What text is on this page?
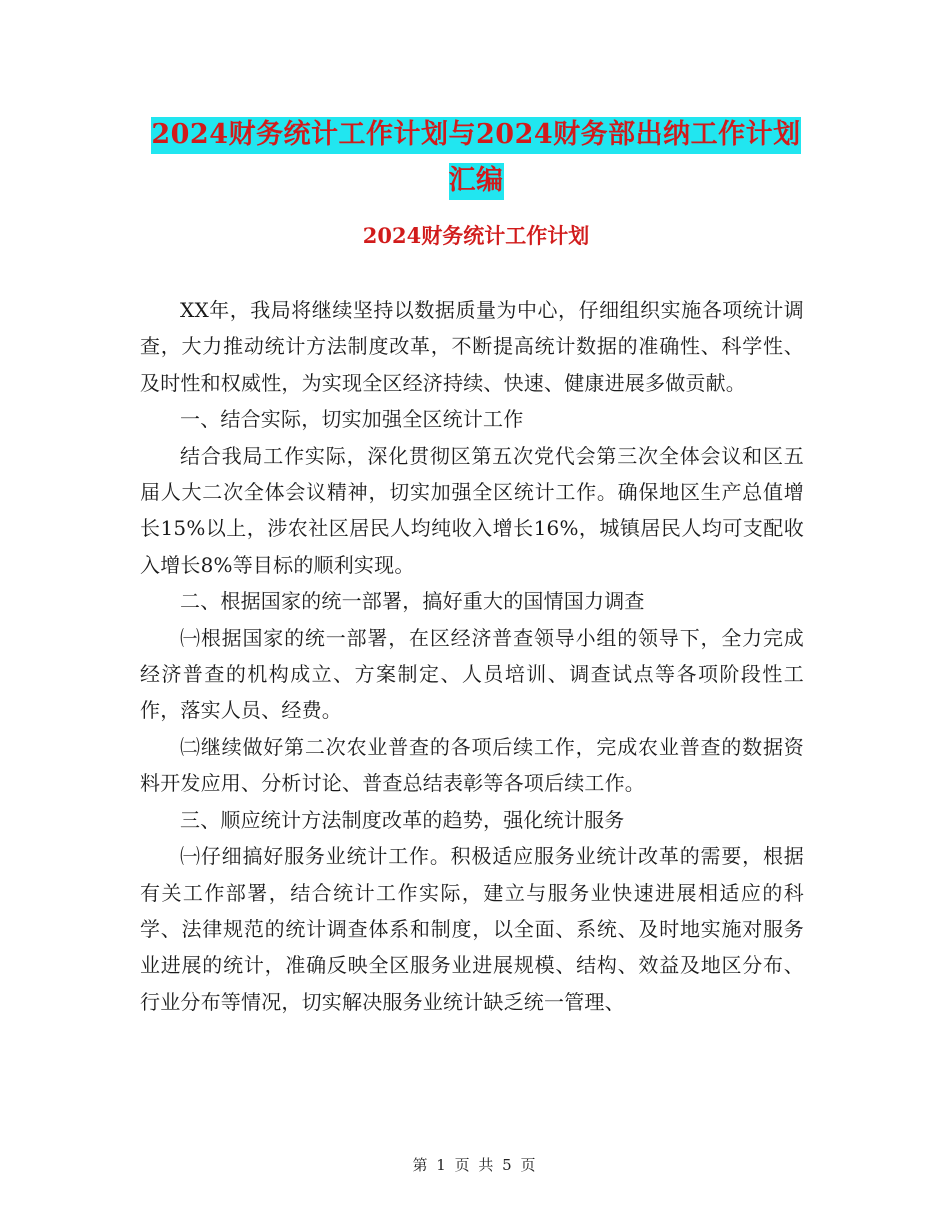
2024财务统计工作计划与2024财务部出纳工作计划汇编
2024财务统计工作计划

XX年，我局将继续坚持以数据质量为中心，仔细组织实施各项统计调查，大力推动统计方法制度改革，不断提高统计数据的准确性、科学性、及时性和权威性，为实现全区经济持续、快速、健康进展多做贡献。

一、结合实际，切实加强全区统计工作

结合我局工作实际，深化贯彻区第五次党代会第三次全体会议和区五届人大二次全体会议精神，切实加强全区统计工作。确保地区生产总值增长15%以上，涉农社区居民人均纯收入增长16%，城镇居民人均可支配收入增长8%等目标的顺利实现。

二、根据国家的统一部署，搞好重大的国情国力调查

㈠根据国家的统一部署，在区经济普查领导小组的领导下，全力完成经济普查的机构成立、方案制定、人员培训、调查试点等各项阶段性工作，落实人员、经费。

㈡继续做好第二次农业普查的各项后续工作，完成农业普查的数据资料开发应用、分析讨论、普查总结表彰等各项后续工作。

三、顺应统计方法制度改革的趋势，强化统计服务

㈠仔细搞好服务业统计工作。积极适应服务业统计改革的需要，根据有关工作部署，结合统计工作实际，建立与服务业快速进展相适应的科学、法律规范的统计调查体系和制度，以全面、系统、及时地实施对服务业进展的统计，准确反映全区服务业进展规模、结构、效益及地区分布、行业分布等情况，切实解决服务业统计缺乏统一管理、

第 1 页 共 5 页
